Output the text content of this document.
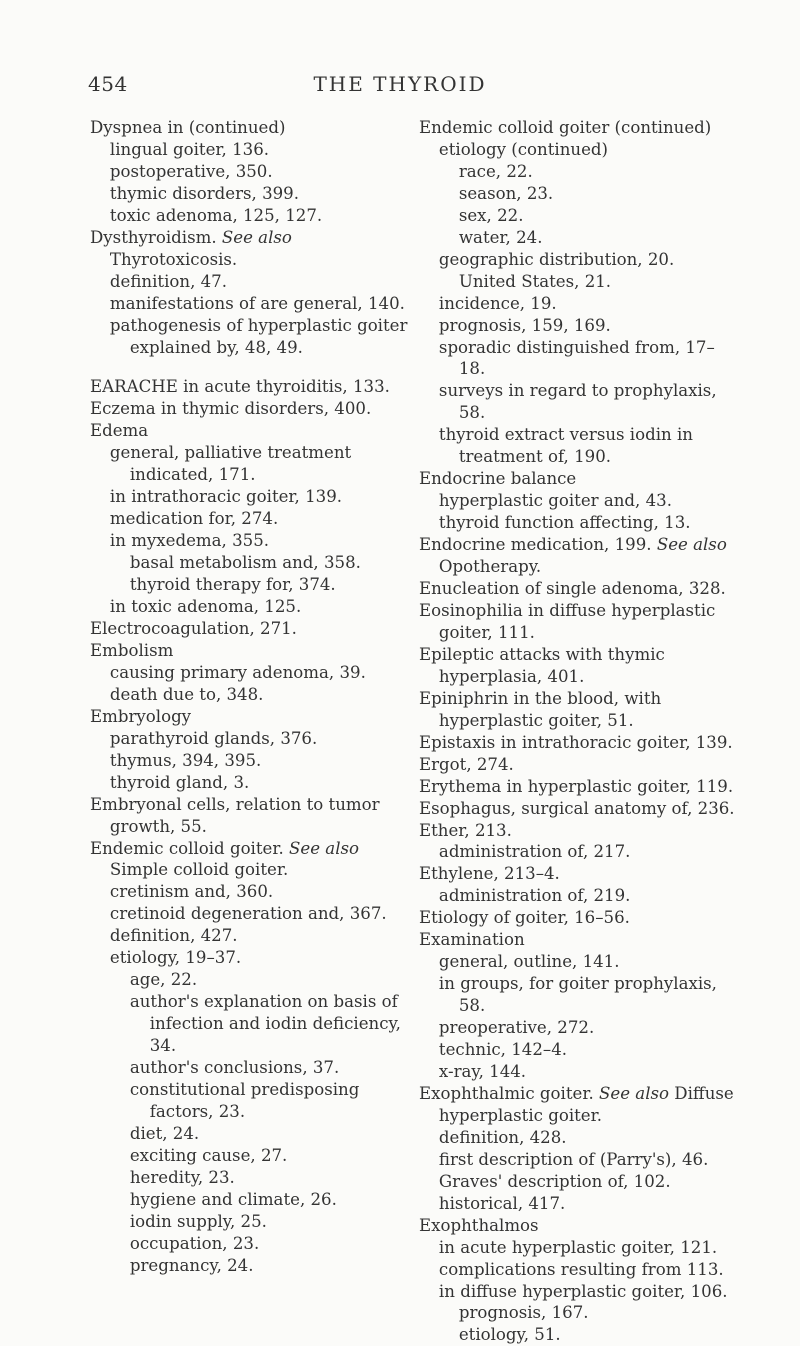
454	THE THYROID
Dyspnea in (continued)
lingual goiter, 136.
postoperative, 350.
thymic disorders, 399.
toxic adenoma, 125, 127.
Dysthyroidism. See also Thyrotoxicosis.
definition, 47.
manifestations of are general, 140.
pathogenesis of hyperplastic goiter explained by, 48, 49.
EARACHE in acute thyroiditis, 133.
Eczema in thymic disorders, 400.
Edema
general, palliative treatment indicated, 171.
in intrathoracic goiter, 139.
medication for, 274.
in myxedema, 355.
basal metabolism and, 358.
thyroid therapy for, 374.
in toxic adenoma, 125.
Electrocoagulation, 271.
Embolism
causing primary adenoma, 39.
death due to, 348.
Embryology
parathyroid glands, 376.
thymus, 394, 395.
thyroid gland, 3.
Embryonal cells, relation to tumor growth, 55.
Endemic colloid goiter. See also Simple colloid goiter.
cretinism and, 360.
cretinoid degeneration and, 367.
definition, 427.
etiology, 19–37.
age, 22.
author's explanation on basis of infection and iodin deficiency, 34.
author's conclusions, 37.
constitutional predisposing factors, 23.
diet, 24.
exciting cause, 27.
heredity, 23.
hygiene and climate, 26.
iodin supply, 25.
occupation, 23.
pregnancy, 24.
Endemic colloid goiter (continued)
etiology (continued)
race, 22.
season, 23.
sex, 22.
water, 24.
geographic distribution, 20.
United States, 21.
incidence, 19.
prognosis, 159, 169.
sporadic distinguished from, 17–18.
surveys in regard to prophylaxis, 58.
thyroid extract versus iodin in treatment of, 190.
Endocrine balance
hyperplastic goiter and, 43.
thyroid function affecting, 13.
Endocrine medication, 199. See also Opotherapy.
Enucleation of single adenoma, 328.
Eosinophilia in diffuse hyperplastic goiter, 111.
Epileptic attacks with thymic hyperplasia, 401.
Epiniphrin in the blood, with hyperplastic goiter, 51.
Epistaxis in intrathoracic goiter, 139.
Ergot, 274.
Erythema in hyperplastic goiter, 119.
Esophagus, surgical anatomy of, 236.
Ether, 213.
administration of, 217.
Ethylene, 213–4.
administration of, 219.
Etiology of goiter, 16–56.
Examination
general, outline, 141.
in groups, for goiter prophylaxis, 58.
preoperative, 272.
technic, 142–4.
x-ray, 144.
Exophthalmic goiter. See also Diffuse hyperplastic goiter.
definition, 428.
first description of (Parry's), 46.
Graves' description of, 102.
historical, 417.
Exophthalmos
in acute hyperplastic goiter, 121.
complications resulting from 113.
in diffuse hyperplastic goiter, 106.
prognosis, 167.
etiology, 51.
